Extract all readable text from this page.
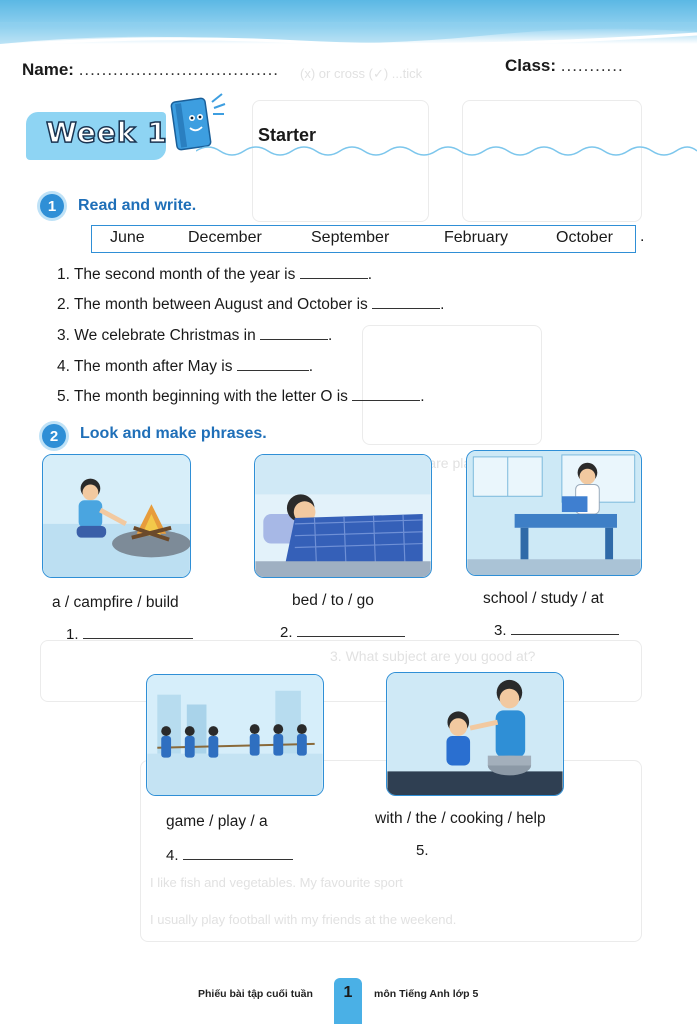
(x) or cross (✓) ...tick
are
3. What subject are you good at?
I like fish and vegetables. My favourite sport
I usually play football with my friends at the weekend.
Name: ...................................	Class: ...........
Week 1	Starter
1	Read and write.
June	December	September	February	October .
1. The second month of the year is	.
2. The month between August and October is	.
3. We celebrate Christmas in	.
4. The month after May is	.
5. The month beginning with the letter O is	.
2	Look and make phrases.
a / campfire / build	bed / to / go	school / study / at
1.	2.	3.
game / play / a	with / the / cooking / help
4.	5.
Phiếu bài tập cuối tuần	1	môn Tiếng Anh lớp 5
